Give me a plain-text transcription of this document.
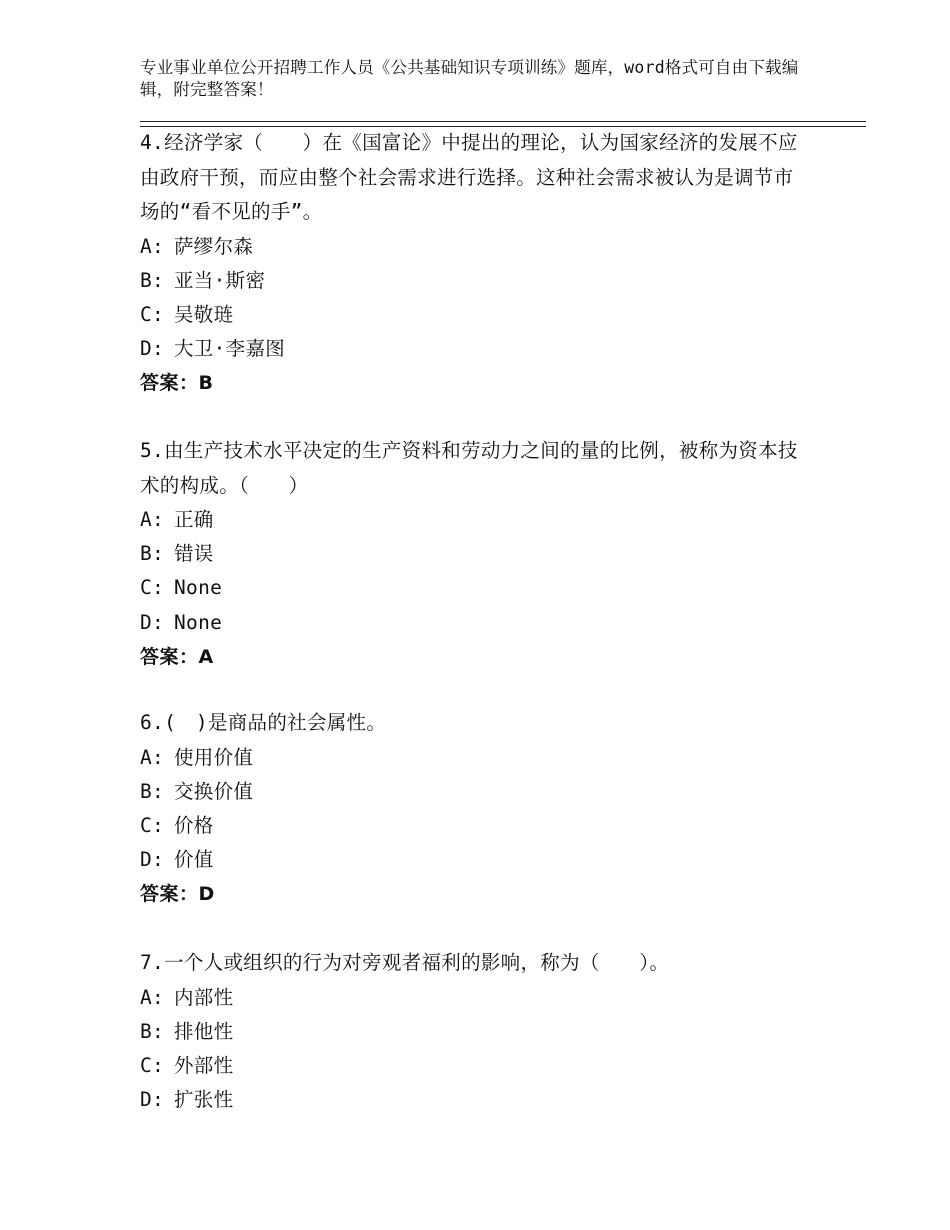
专业事业单位公开招聘工作人员《公共基础知识专项训练》题库，word格式可自由下载编辑，附完整答案！

4.经济学家（　　）在《国富论》中提出的理论，认为国家经济的发展不应由政府干预，而应由整个社会需求进行选择。这种社会需求被认为是调节市场的“看不见的手”。

A: 萨缪尔森
B: 亚当·斯密
C: 吴敬琏
D: 大卫·李嘉图
答案：B

5.由生产技术水平决定的生产资料和劳动力之间的量的比例，被称为资本技术的构成。（　　）

A: 正确
B: 错误
C: None
D: None
答案：A

6.(　)是商品的社会属性。

A: 使用价值
B: 交换价值
C: 价格
D: 价值
答案：D

7.一个人或组织的行为对旁观者福利的影响，称为（　　）。

A: 内部性
B: 排他性
C: 外部性
D: 扩张性
